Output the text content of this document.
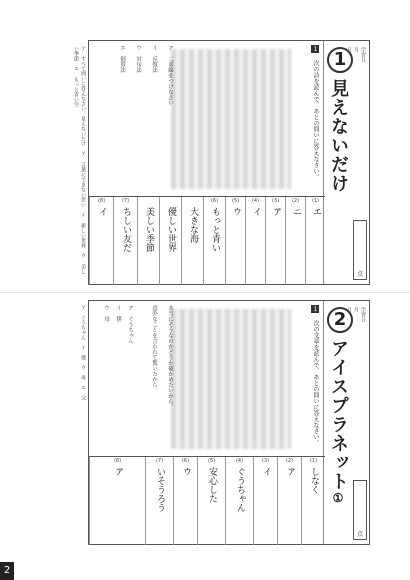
ア　すべて問いに答えなさい。見えないだけ　ア 言葉にできない思い　イ 新しい世界　ウ 美しい季節　エ もっと青い空	1
見えないだけ
学習日
月
日
点
1 次の詩を読んで、あとの問いに答えなさい。
ア　二重線をつけなさい
イ　反復法
ウ　対句法
エ　倒置法
(1)
エ
(2)
ニ
(3)
ア
(4)
イ
(5)
ウ
(6)
もっと青い
大きな海
優しい世界
美しい季節
(7)
ちしい友だ
(8)
イ
ア　ぐうちゃん　イ　僕　ウ　母　エ　父	2
アイスプラネット①
学習日
月
日
点
1 次の文章を読んで、あとの問いに答えなさい。
本当にそうなのかどうか確かめたいから。
意外なことを言われて驚いたから。
ア　ぐうちゃん
イ　僕
ウ　母
(1)
しなく
(2)
ア
(3)
イ
(4)
ぐうちゃん
(5)
安心した
(6)
ウ
(7)
いそうろう
(8)
ア
2
